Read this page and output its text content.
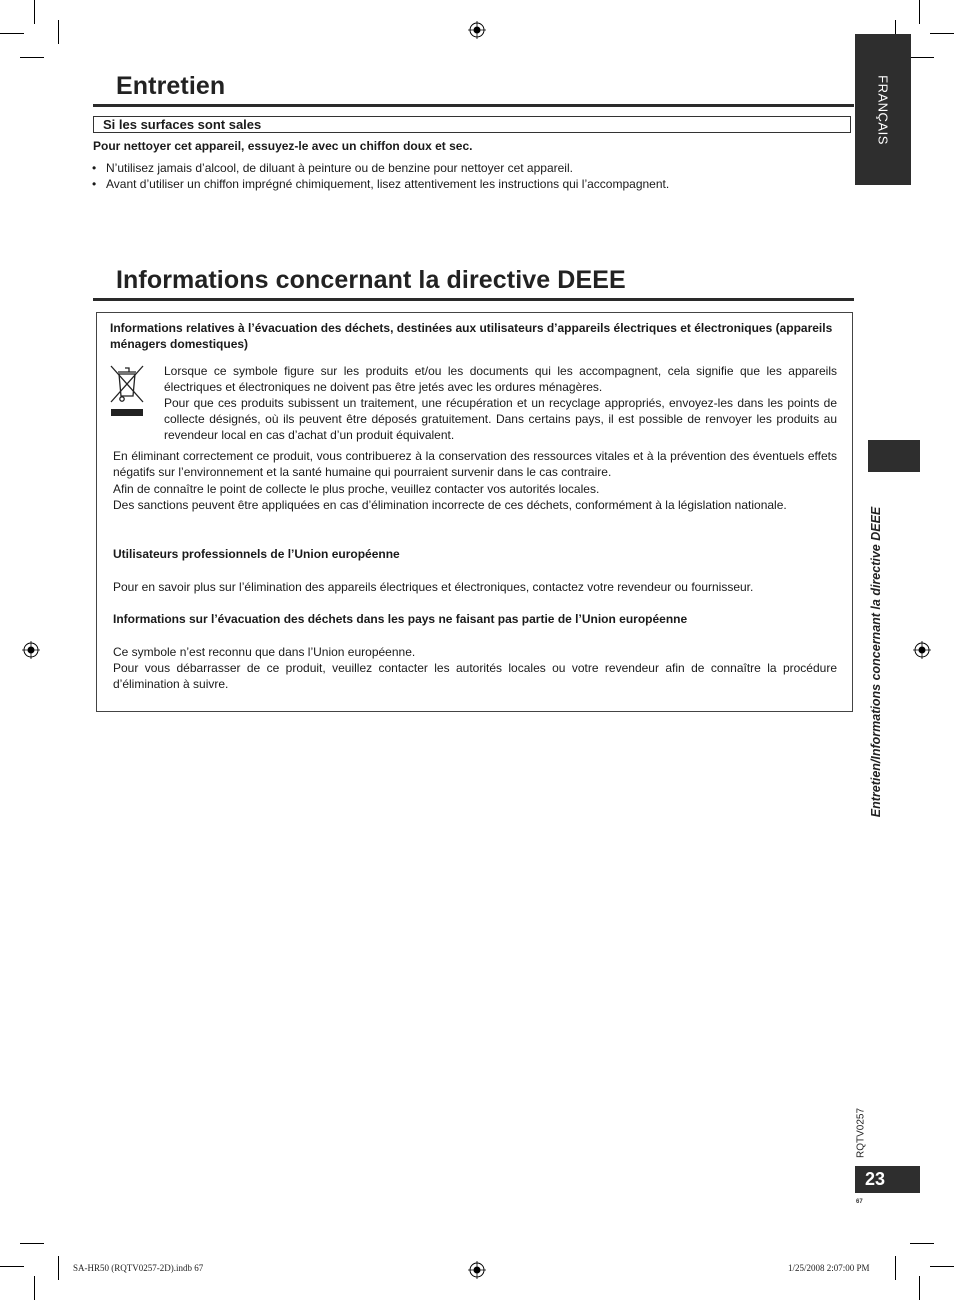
Entretien
Si les surfaces sont sales
Pour nettoyer cet appareil, essuyez-le avec un chiffon doux et sec.
• N’utilisez jamais d’alcool, de diluant à peinture ou de benzine pour nettoyer cet appareil.
• Avant d’utiliser un chiffon imprégné chimiquement, lisez attentivement les instructions qui l’accompagnent.
Informations concernant la directive DEEE
Informations relatives à l’évacuation des déchets, destinées aux utilisateurs d’appareils électriques et électroniques (appareils ménagers domestiques)
Lorsque ce symbole figure sur les produits et/ou les documents qui les accompagnent, cela signifie que les appareils électriques et électroniques ne doivent pas être jetés avec les ordures ménagères.
Pour que ces produits subissent un traitement, une récupération et un recyclage appropriés, envoyez-les dans les points de collecte désignés, où ils peuvent être déposés gratuitement. Dans certains pays, il est possible de renvoyer les produits au revendeur local en cas d’achat d’un produit équivalent.
En éliminant correctement ce produit, vous contribuerez à la conservation des ressources vitales et à la prévention des éventuels effets négatifs sur l’environnement et la santé humaine qui pourraient survenir dans le cas contraire.
Afin de connaître le point de collecte le plus proche, veuillez contacter vos autorités locales.
Des sanctions peuvent être appliquées en cas d’élimination incorrecte de ces déchets, conformément à la législation nationale.
Utilisateurs professionnels de l’Union européenne
Pour en savoir plus sur l’élimination des appareils électriques et électroniques, contactez votre revendeur ou fournisseur.
Informations sur l’évacuation des déchets dans les pays ne faisant pas partie de l’Union européenne
Ce symbole n’est reconnu que dans l’Union européenne.
Pour vous débarrasser de ce produit, veuillez contacter les autorités locales ou votre revendeur afin de connaître la procédure d’élimination à suivre.
FRANÇAIS
Entretien/Informations concernant la directive DEEE
RQTV0257
23
67
SA-HR50 (RQTV0257-2D).indb 67	1/25/2008 2:07:00 PM
